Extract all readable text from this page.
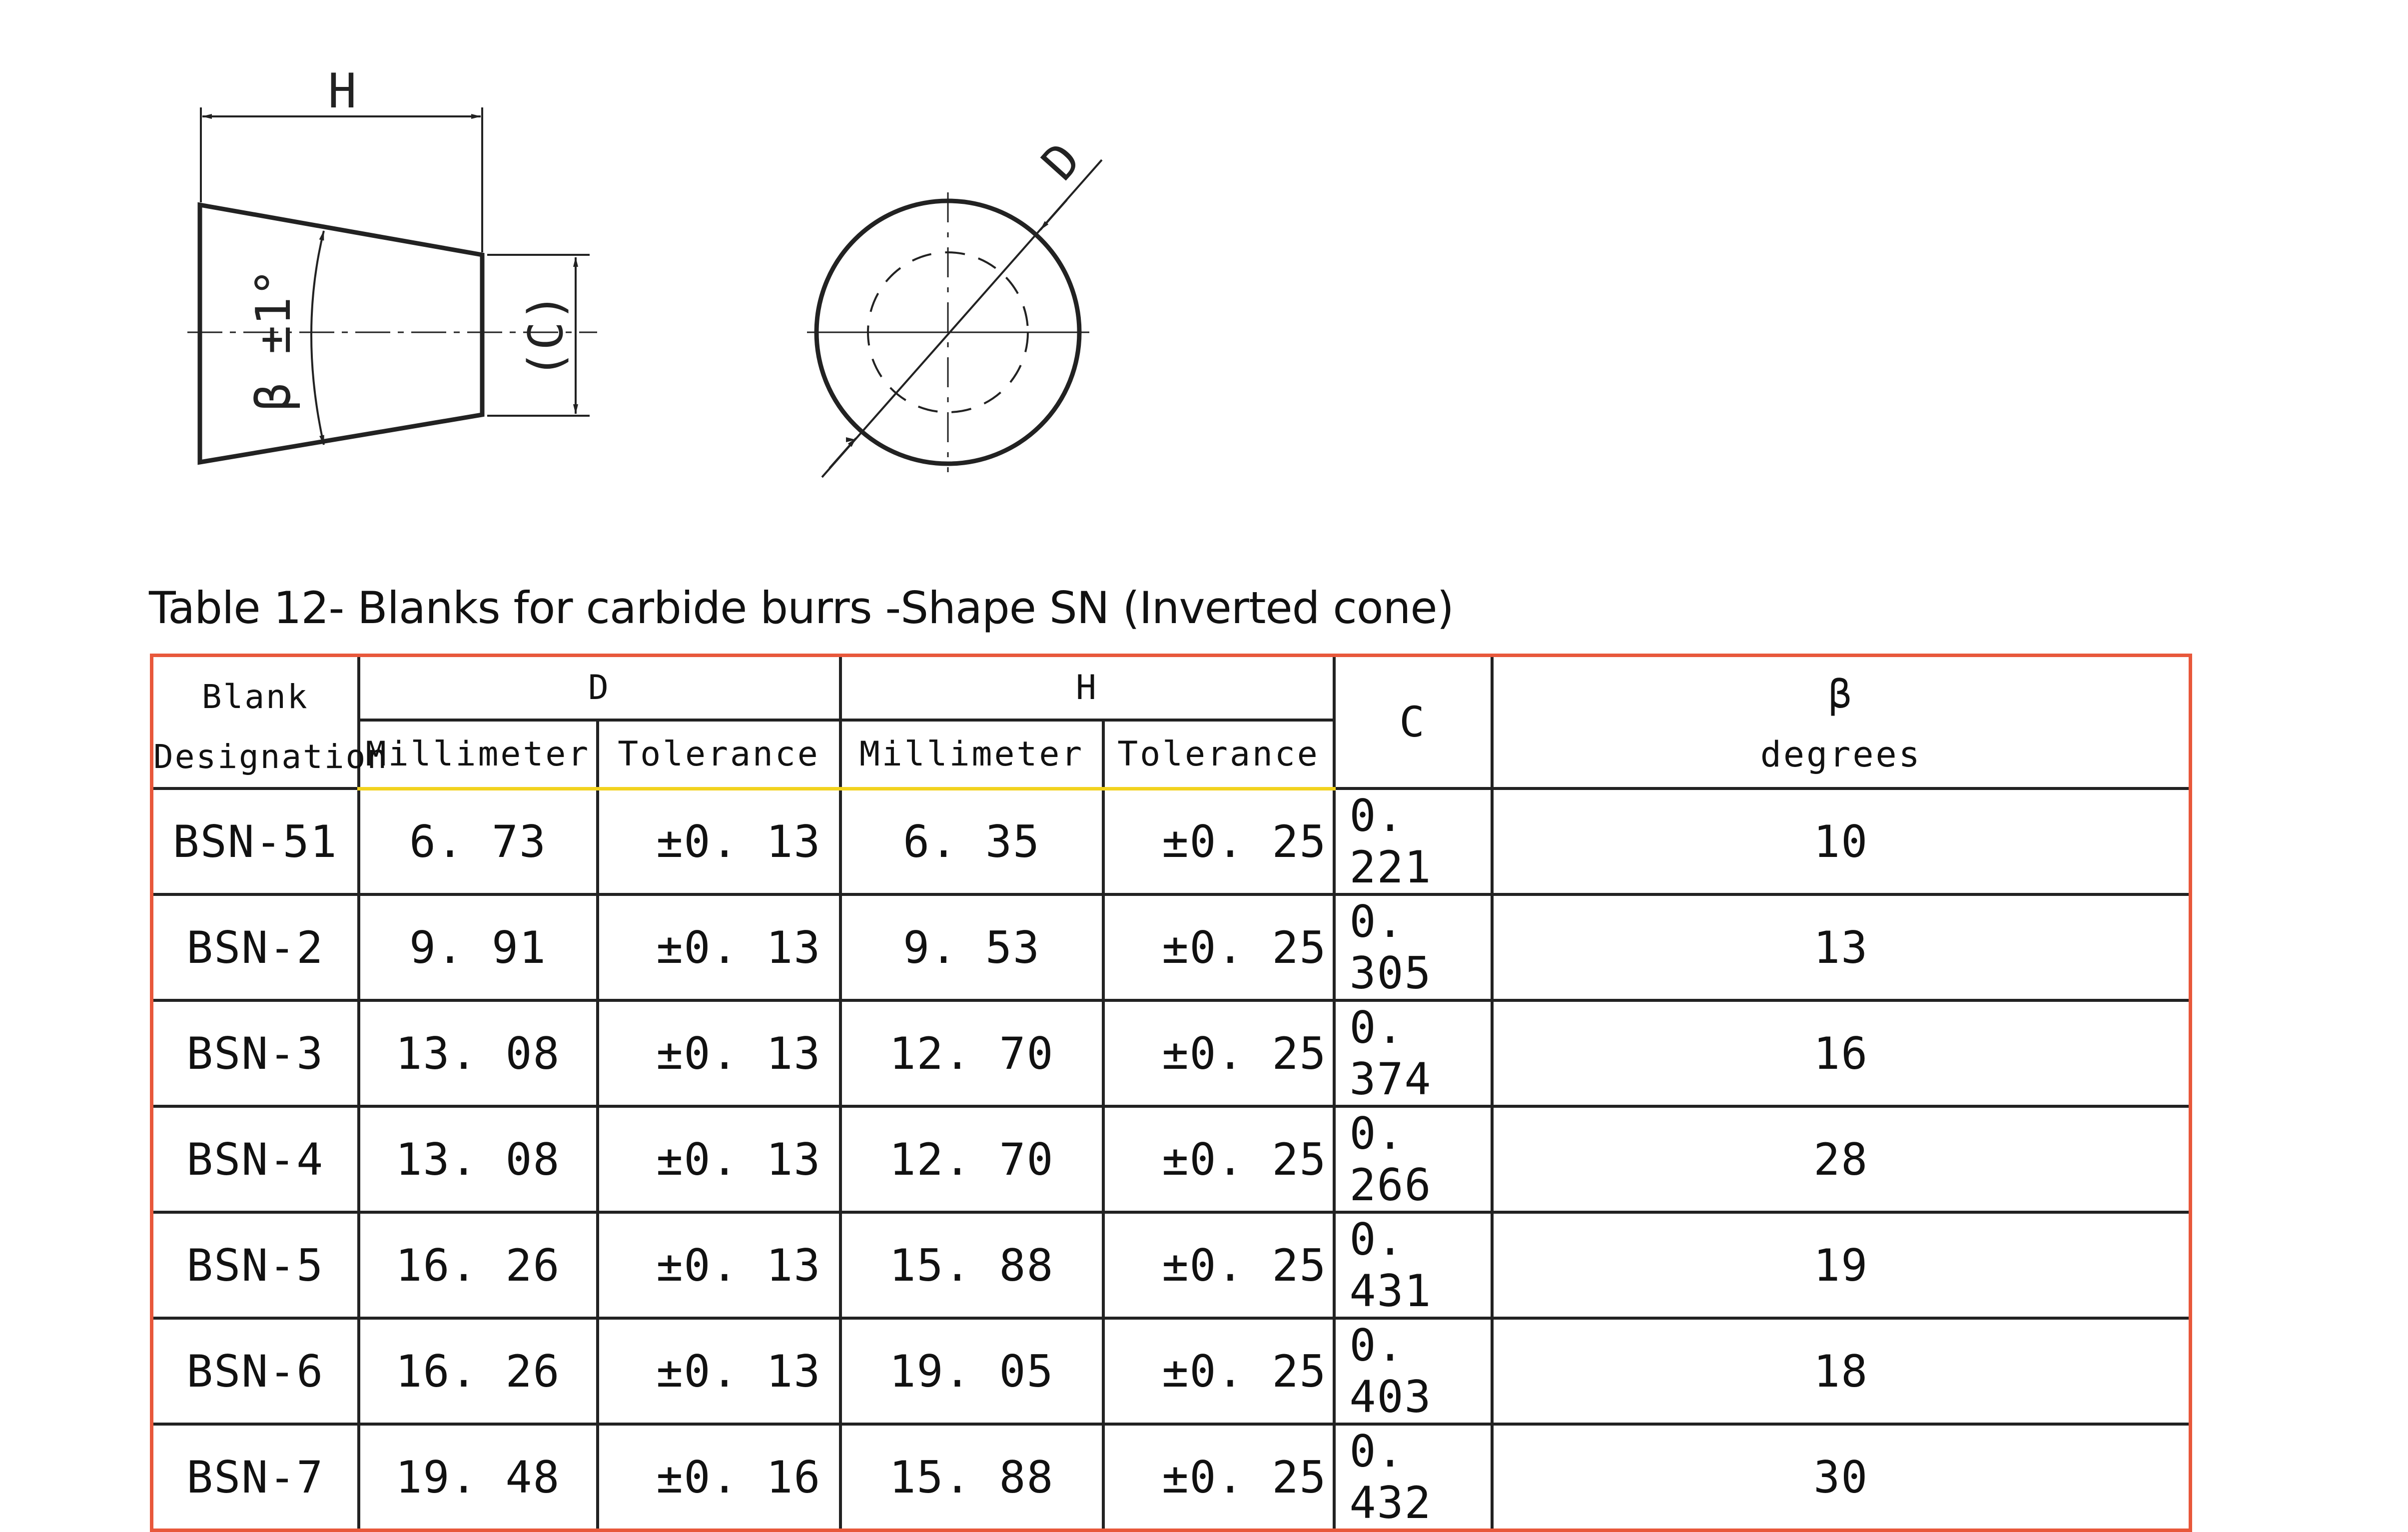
H
β ±1°	(C)
D
Table 12- Blanks for carbide burrs -Shape SN (Inverted cone)
Blank
Designation	D		H		C	β
degrees

	Millimeter	Tolerance	Millimeter	Tolerance		
BSN-51	6. 73	±0. 13	6. 35	±0. 25	0. 221	10
BSN-2	9. 91	±0. 13	9. 53	±0. 25	0. 305	13
BSN-3	13. 08	±0. 13	12. 70	±0. 25	0. 374	16
BSN-4	13. 08	±0. 13	12. 70	±0. 25	0. 266	28
BSN-5	16. 26	±0. 13	15. 88	±0. 25	0. 431	19
BSN-6	16. 26	±0. 13	19. 05	±0. 25	0. 403	18
BSN-7	19. 48	±0. 16	15. 88	±0. 25	0. 432	30
